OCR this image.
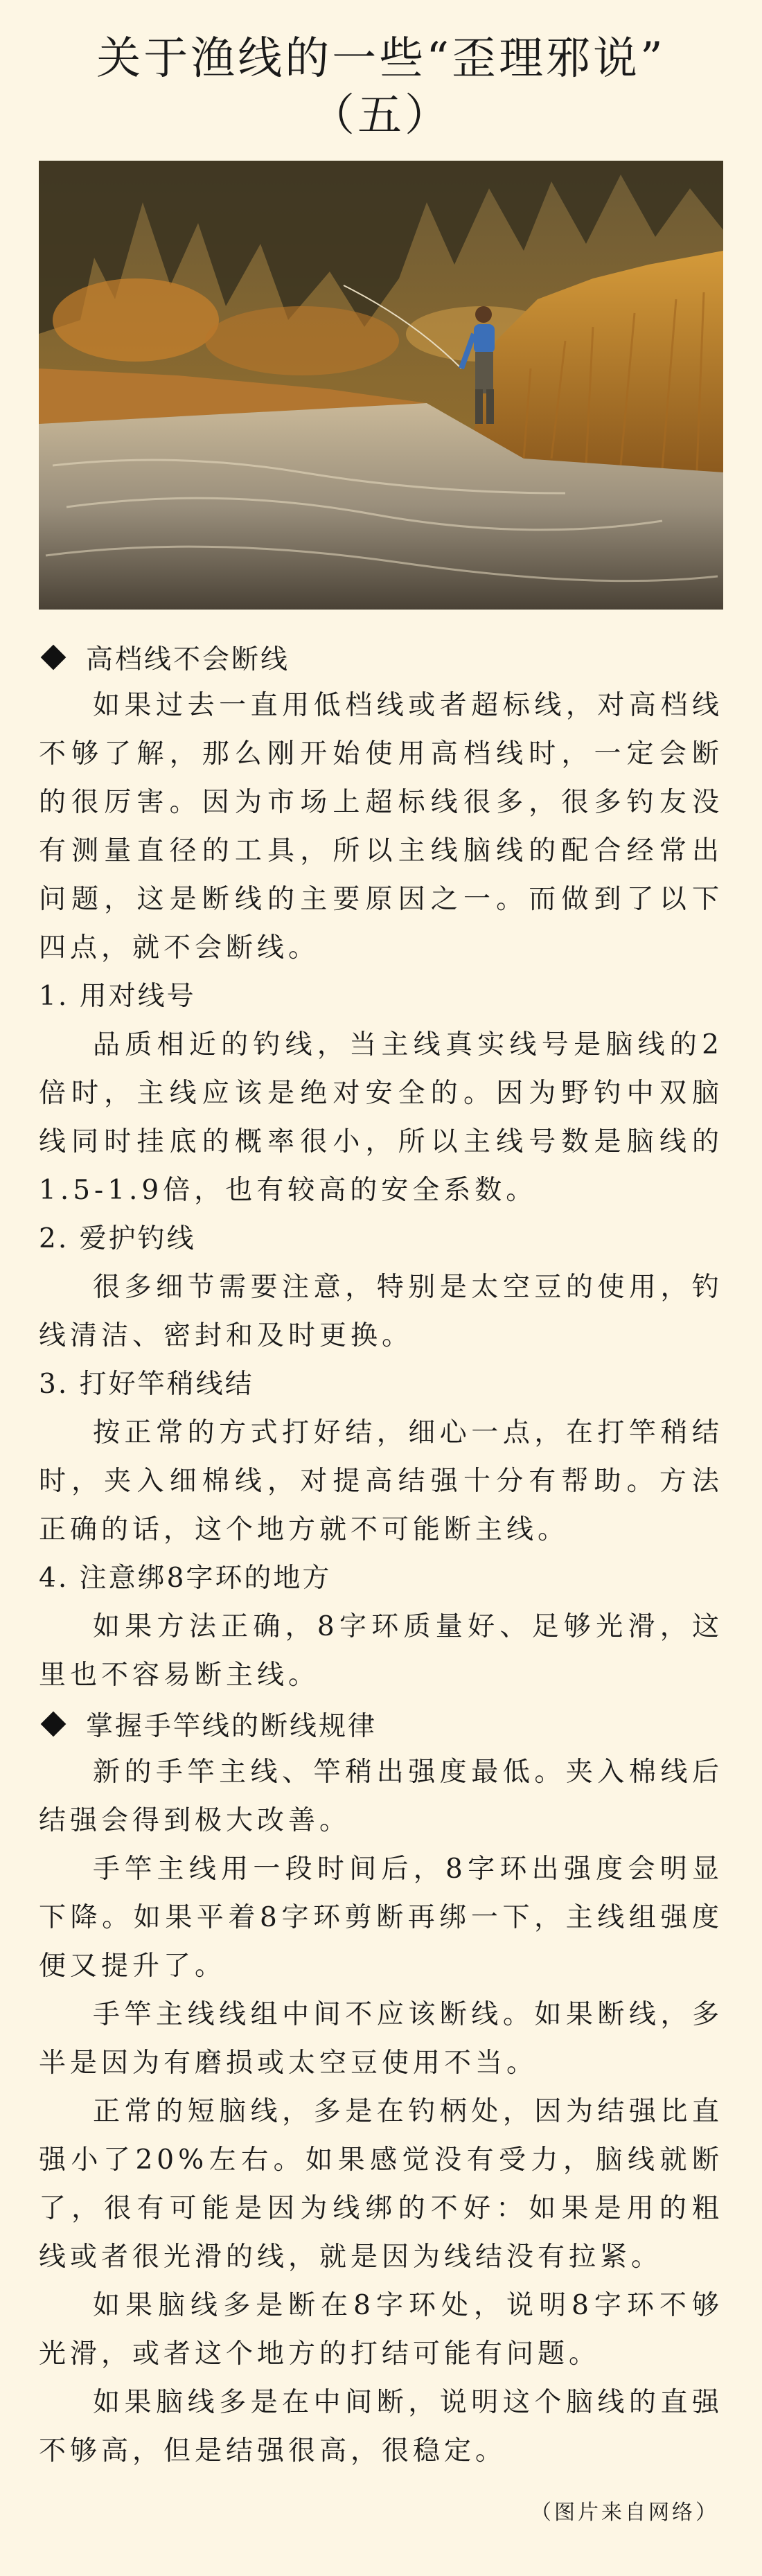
关于渔线的一些“歪理邪说”
（五）
高档线不会断线

如果过去一直用低档线或者超标线，对高档线不够了解，那么刚开始使用高档线时，一定会断的很厉害。因为市场上超标线很多，很多钓友没有测量直径的工具，所以主线脑线的配合经常出问题，这是断线的主要原因之一。而做到了以下四点，就不会断线。

1. 用对线号

品质相近的钓线，当主线真实线号是脑线的2倍时，主线应该是绝对安全的。因为野钓中双脑线同时挂底的概率很小，所以主线号数是脑线的1.5-1.9倍，也有较高的安全系数。

2. 爱护钓线

很多细节需要注意，特别是太空豆的使用，钓线清洁、密封和及时更换。

3. 打好竿稍线结

按正常的方式打好结，细心一点，在打竿稍结时，夹入细棉线，对提高结强十分有帮助。方法正确的话，这个地方就不可能断主线。

4. 注意绑8字环的地方

如果方法正确，8字环质量好、足够光滑，这里也不容易断主线。

掌握手竿线的断线规律

新的手竿主线、竿稍出强度最低。夹入棉线后结强会得到极大改善。

手竿主线用一段时间后，8字环出强度会明显下降。如果平着8字环剪断再绑一下，主线组强度便又提升了。

手竿主线线组中间不应该断线。如果断线，多半是因为有磨损或太空豆使用不当。

正常的短脑线，多是在钓柄处，因为结强比直强小了20%左右。如果感觉没有受力，脑线就断了，很有可能是因为线绑的不好：如果是用的粗线或者很光滑的线，就是因为线结没有拉紧。

如果脑线多是断在8字环处，说明8字环不够光滑，或者这个地方的打结可能有问题。

如果脑线多是在中间断，说明这个脑线的直强不够高，但是结强很高，很稳定。

（图片来自网络）
